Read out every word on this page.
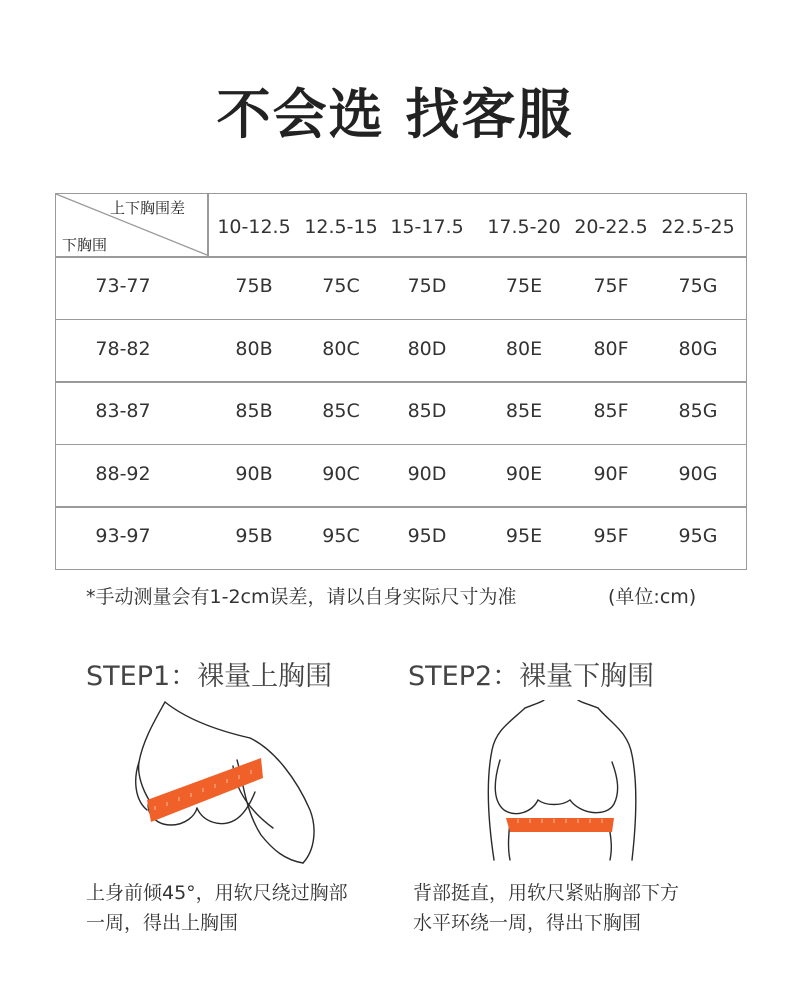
不会选 找客服
上下胸围差
下胸围
10-12.5 12.5-15 15-17.5	17.5-20 20-22.5 22.5-25
73-77	75B	75C	75D	75E	75F	75G
78-82	80B	80C	80D	80E	80F	80G
83-87	85B	85C	85D	85E	85F	85G
88-92	90B	90C	90D	90E	90F	90G
93-97	95B	95C	95D	95E	95F	95G
*手动测量会有1-2cm误差，请以自身实际尺寸为准	(单位:cm)
STEP1：裸量上胸围	STEP2：裸量下胸围
上身前倾45°，用软尺绕过胸部
一周，得出上胸围
背部挺直，用软尺紧贴胸部下方
水平环绕一周，得出下胸围
